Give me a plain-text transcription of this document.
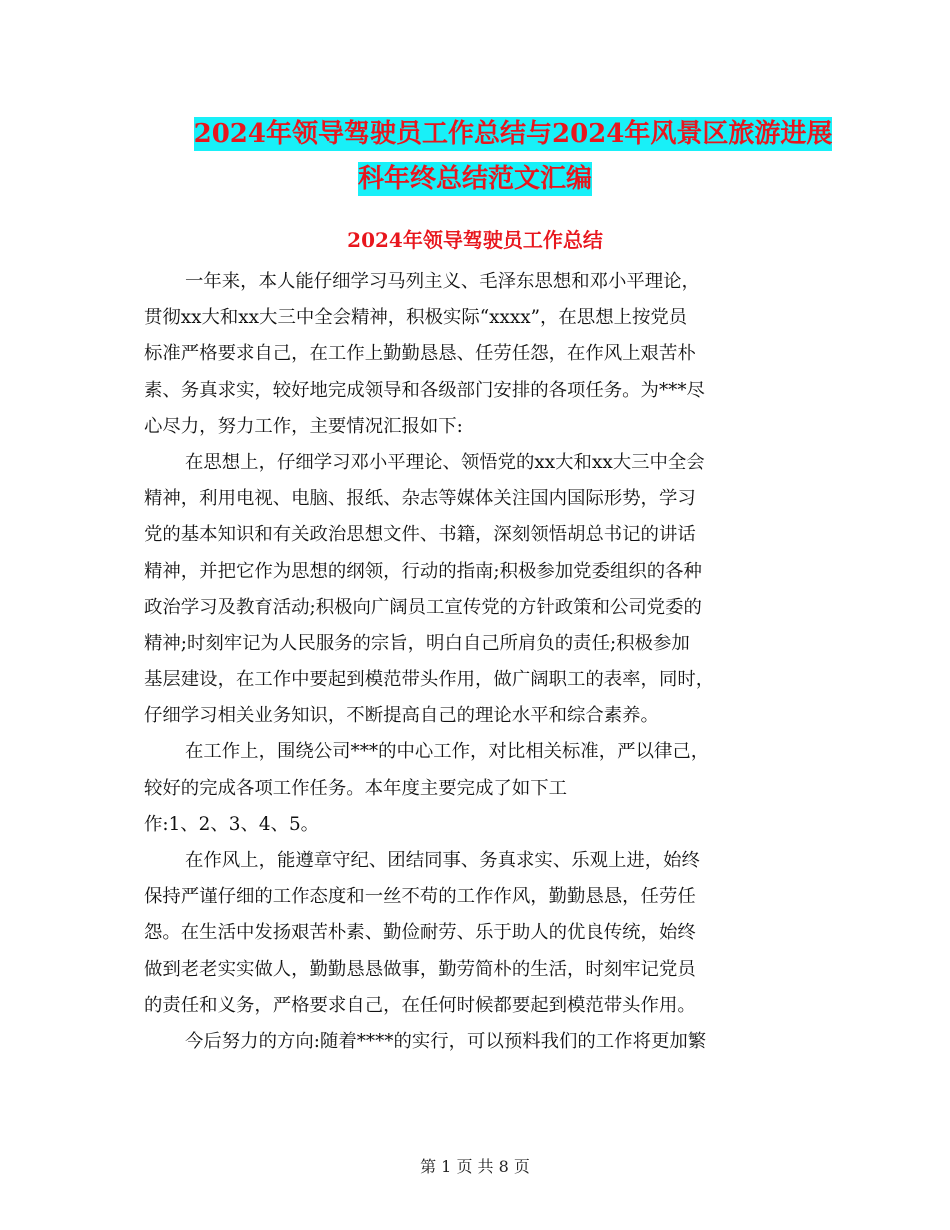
2024年领导驾驶员工作总结与2024年风景区旅游进展
科年终总结范文汇编
2024年领导驾驶员工作总结
一年来，本人能仔细学习马列主义、毛泽东思想和邓小平理论，
贯彻xx大和xx大三中全会精神，积极实际“xxxx”，在思想上按党员
标准严格要求自己，在工作上勤勤恳恳、任劳任怨，在作风上艰苦朴
素、务真求实，较好地完成领导和各级部门安排的各项任务。为***尽
心尽力，努力工作，主要情况汇报如下:
在思想上，仔细学习邓小平理论、领悟党的xx大和xx大三中全会
精神，利用电视、电脑、报纸、杂志等媒体关注国内国际形势，学习
党的基本知识和有关政治思想文件、书籍，深刻领悟胡总书记的讲话
精神，并把它作为思想的纲领，行动的指南;积极参加党委组织的各种
政治学习及教育活动;积极向广阔员工宣传党的方针政策和公司党委的
精神;时刻牢记为人民服务的宗旨，明白自己所肩负的责任;积极参加
基层建设，在工作中要起到模范带头作用，做广阔职工的表率，同时，
仔细学习相关业务知识，不断提高自己的理论水平和综合素养。
在工作上，围绕公司***的中心工作，对比相关标准，严以律己，
较好的完成各项工作任务。本年度主要完成了如下工
作:1、2、3、4、5。
在作风上，能遵章守纪、团结同事、务真求实、乐观上进，始终
保持严谨仔细的工作态度和一丝不苟的工作作风，勤勤恳恳，任劳任
怨。在生活中发扬艰苦朴素、勤俭耐劳、乐于助人的优良传统，始终
做到老老实实做人，勤勤恳恳做事，勤劳简朴的生活，时刻牢记党员
的责任和义务，严格要求自己，在任何时候都要起到模范带头作用。
今后努力的方向:随着****的实行，可以预料我们的工作将更加繁
第 1 页 共 8 页
